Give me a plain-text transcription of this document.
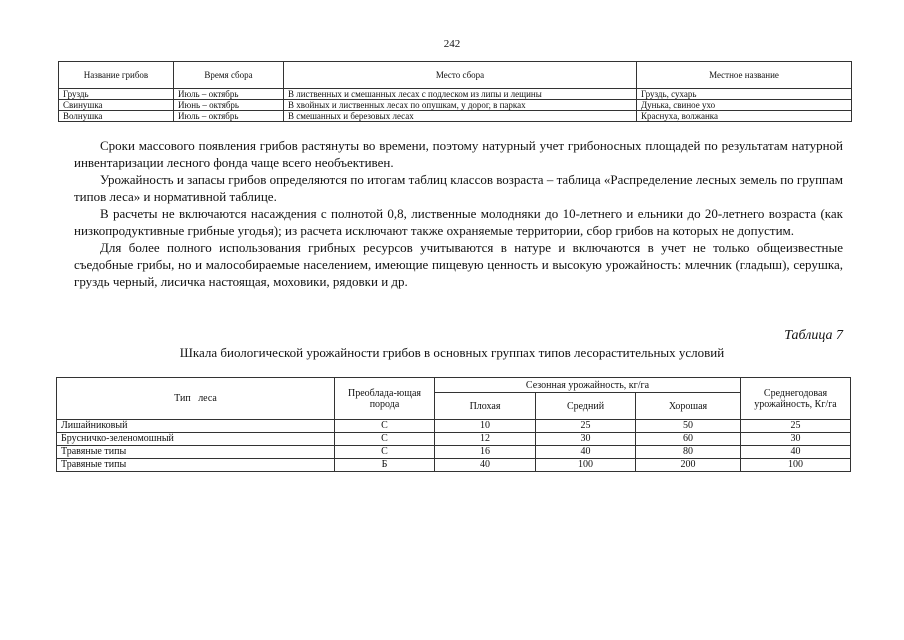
242
Название грибов	Время сбора	Место сбора	Местное название
Груздь	Июль – октябрь	В лиственных и смешанных лесах с подлеском из липы и лещины	Груздь, сухарь
Свинушка	Июнь – октябрь	В хвойных и лиственных лесах по опушкам, у дорог, в парках	Дунька, свиное ухо
Волнушка	Июль – октябрь	В смешанных и березовых лесах	Краснуха, волжанка

Сроки массового появления грибов растянуты во времени, поэтому натурный учет грибоносных площадей по результатам натурной инвентаризации лесного фонда чаще всего необъективен.

Урожайность и запасы грибов определяются по итогам таблиц классов возраста – таблица «Распределение лесных земель по группам типов леса» и нормативной таблице.

В расчеты не включаются насаждения с полнотой 0,8, лиственные молодняки до 10-летнего и ельники до 20-летнего возраста (как низкопродуктивные грибные угодья); из расчета исключают также охраняемые территории, сбор грибов на которых не допустим.

Для более полного использования грибных ресурсов учитываются в натуре и включаются в учет не только общеизвестные съедобные грибы, но и малособираемые населением, имеющие пищевую ценность и высокую урожайность: млечник (гладыш), серушка, груздь черный, лисичка настоящая, моховики, рядовки и др.

Таблица 7
Шкала биологической урожайности грибов в основных группах типов лесорастительных условий
Тип   леса	Преоблада-ющая порода	Сезонная урожайность, кг/га			Среднегодовая урожайность, Кг/га
		Плохая	Средний	Хорошая	
Лишайниковый	С	10	25	50	25
Брусничко-зеленомошный	С	12	30	60	30
Травяные типы	С	16	40	80	40
Травяные типы	Б	40	100	200	100
